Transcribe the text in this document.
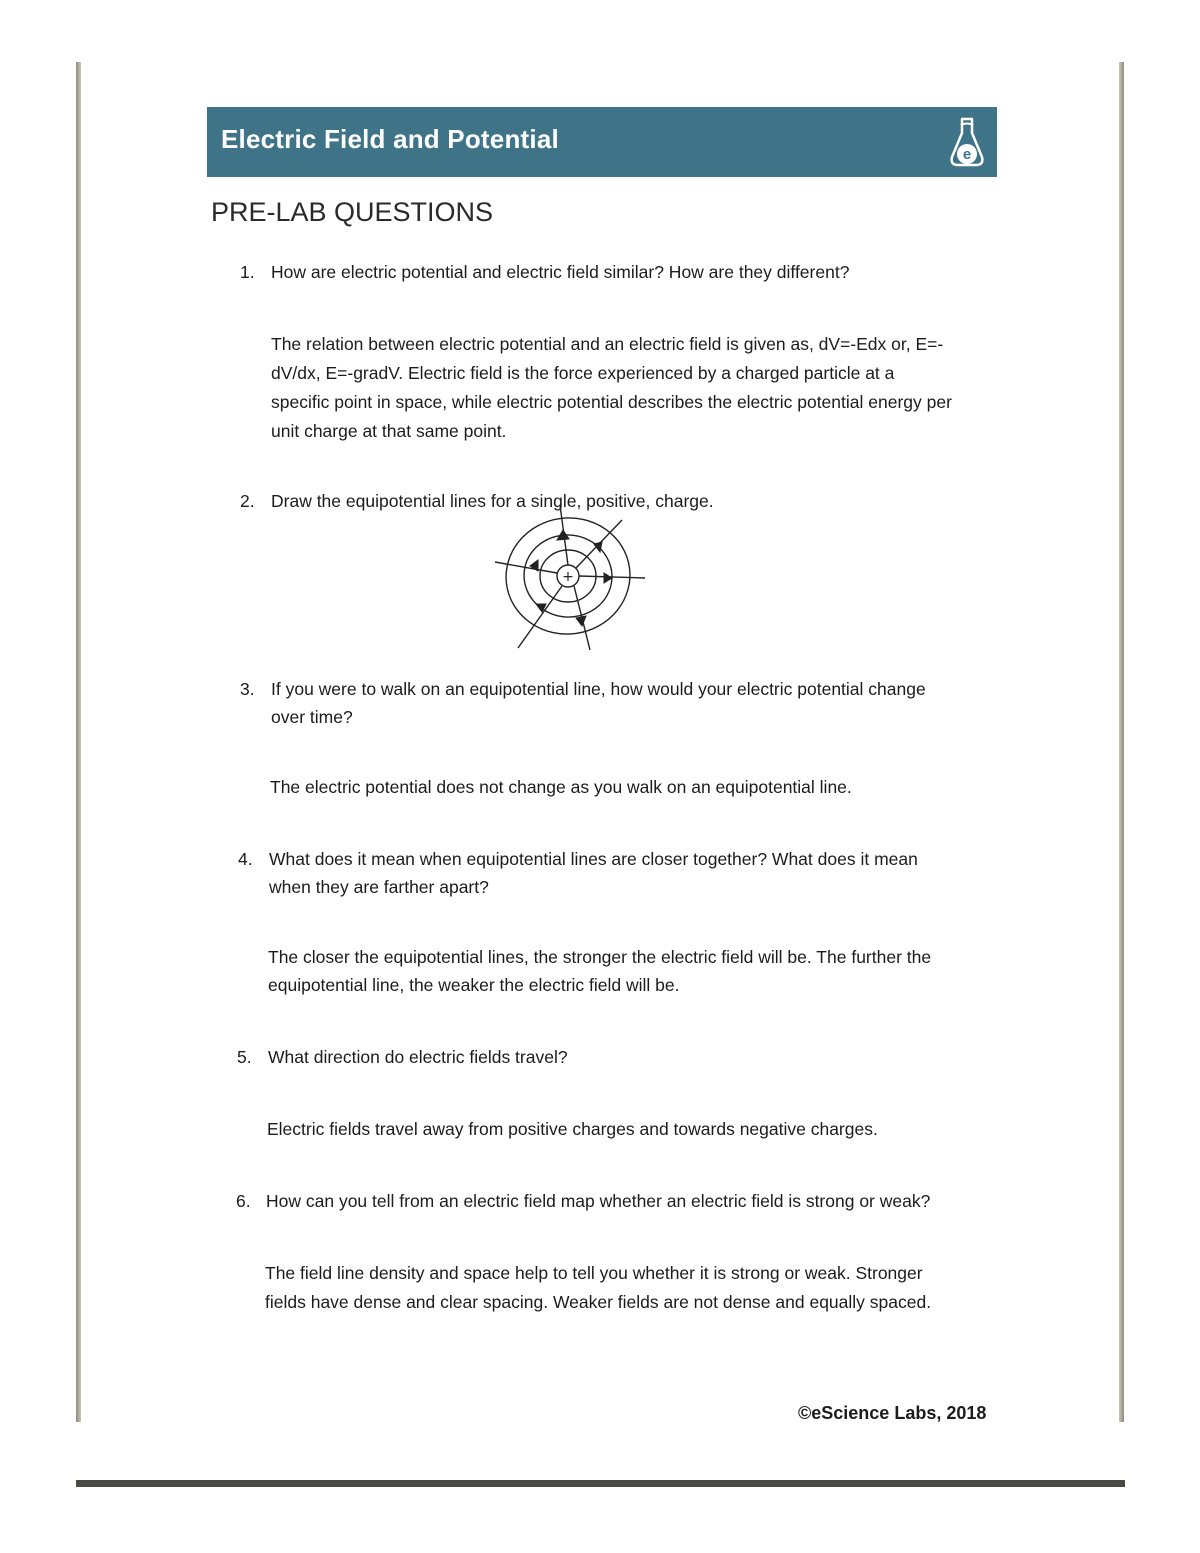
Electric Field and Potential
e
PRE-LAB QUESTIONS
1. How are electric potential and electric field similar? How are they different?
The relation between electric potential and an electric field is given as, dV=-Edx or, E=-
dV/dx, E=-gradV. Electric field is the force experienced by a charged particle at a
specific point in space, while electric potential describes the electric potential energy per
unit charge at that same point.
2. Draw the equipotential lines for a single, positive, charge.
+
3. If you were to walk on an equipotential line, how would your electric potential change
over time?
The electric potential does not change as you walk on an equipotential line.
4. What does it mean when equipotential lines are closer together? What does it mean
when they are farther apart?
The closer the equipotential lines, the stronger the electric field will be. The further the
equipotential line, the weaker the electric field will be.
5. What direction do electric fields travel?
Electric fields travel away from positive charges and towards negative charges.
6. How can you tell from an electric field map whether an electric field is strong or weak?
The field line density and space help to tell you whether it is strong or weak. Stronger
fields have dense and clear spacing. Weaker fields are not dense and equally spaced.
©eScience Labs, 2018
